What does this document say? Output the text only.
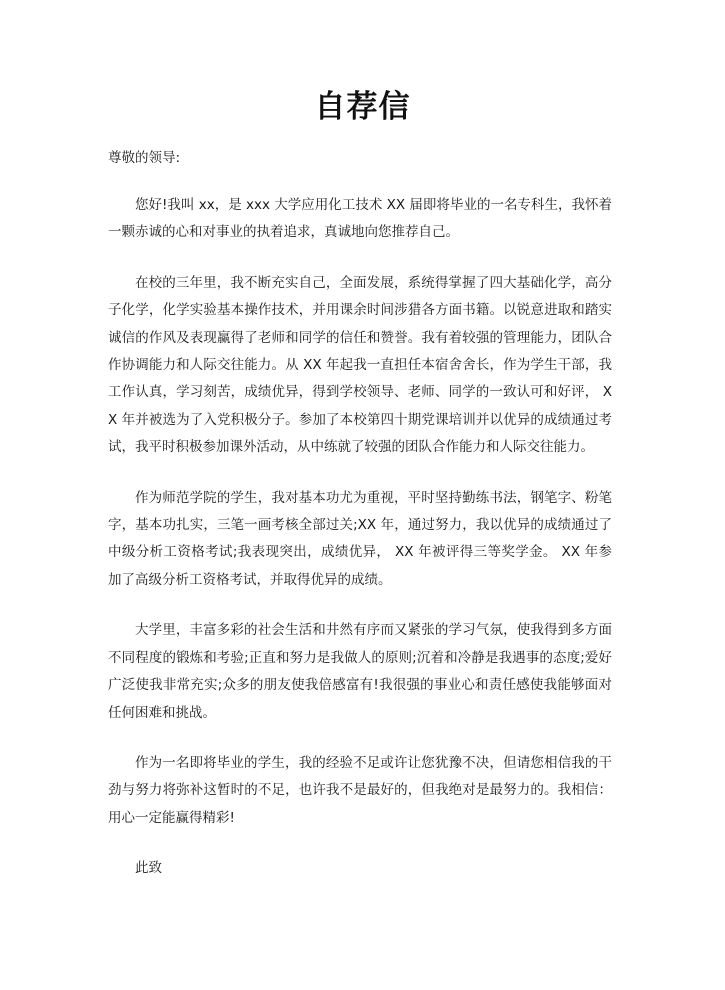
自荐信
尊敬的领导:

您好!我叫 xx，是 xxx 大学应用化工技术 XX 届即将毕业的一名专科生，我怀着一颗赤诚的心和对事业的执着追求，真诚地向您推荐自己。

在校的三年里，我不断充实自己，全面发展，系统得掌握了四大基础化学，高分子化学，化学实验基本操作技术，并用课余时间涉猎各方面书籍。以锐意进取和踏实诚信的作风及表现赢得了老师和同学的信任和赞誉。我有着较强的管理能力，团队合作协调能力和人际交往能力。从 XX 年起我一直担任本宿舍舍长，作为学生干部，我工作认真，学习刻苦，成绩优异，得到学校领导、老师、同学的一致认可和好评， XX 年并被选为了入党积极分子。参加了本校第四十期党课培训并以优异的成绩通过考试，我平时积极参加课外活动，从中练就了较强的团队合作能力和人际交往能力。

作为师范学院的学生，我对基本功尤为重视，平时坚持勤练书法，钢笔字、粉笔字，基本功扎实，三笔一画考核全部过关;XX 年，通过努力，我以优异的成绩通过了中级分析工资格考试;我表现突出，成绩优异， XX 年被评得三等奖学金。 XX 年参加了高级分析工资格考试，并取得优异的成绩。

大学里，丰富多彩的社会生活和井然有序而又紧张的学习气氛，使我得到多方面不同程度的锻炼和考验;正直和努力是我做人的原则;沉着和冷静是我遇事的态度;爱好广泛使我非常充实;众多的朋友使我倍感富有!我很强的事业心和责任感使我能够面对任何困难和挑战。

作为一名即将毕业的学生，我的经验不足或许让您犹豫不决，但请您相信我的干劲与努力将弥补这暂时的不足，也许我不是最好的，但我绝对是最努力的。我相信：用心一定能赢得精彩!

此致
